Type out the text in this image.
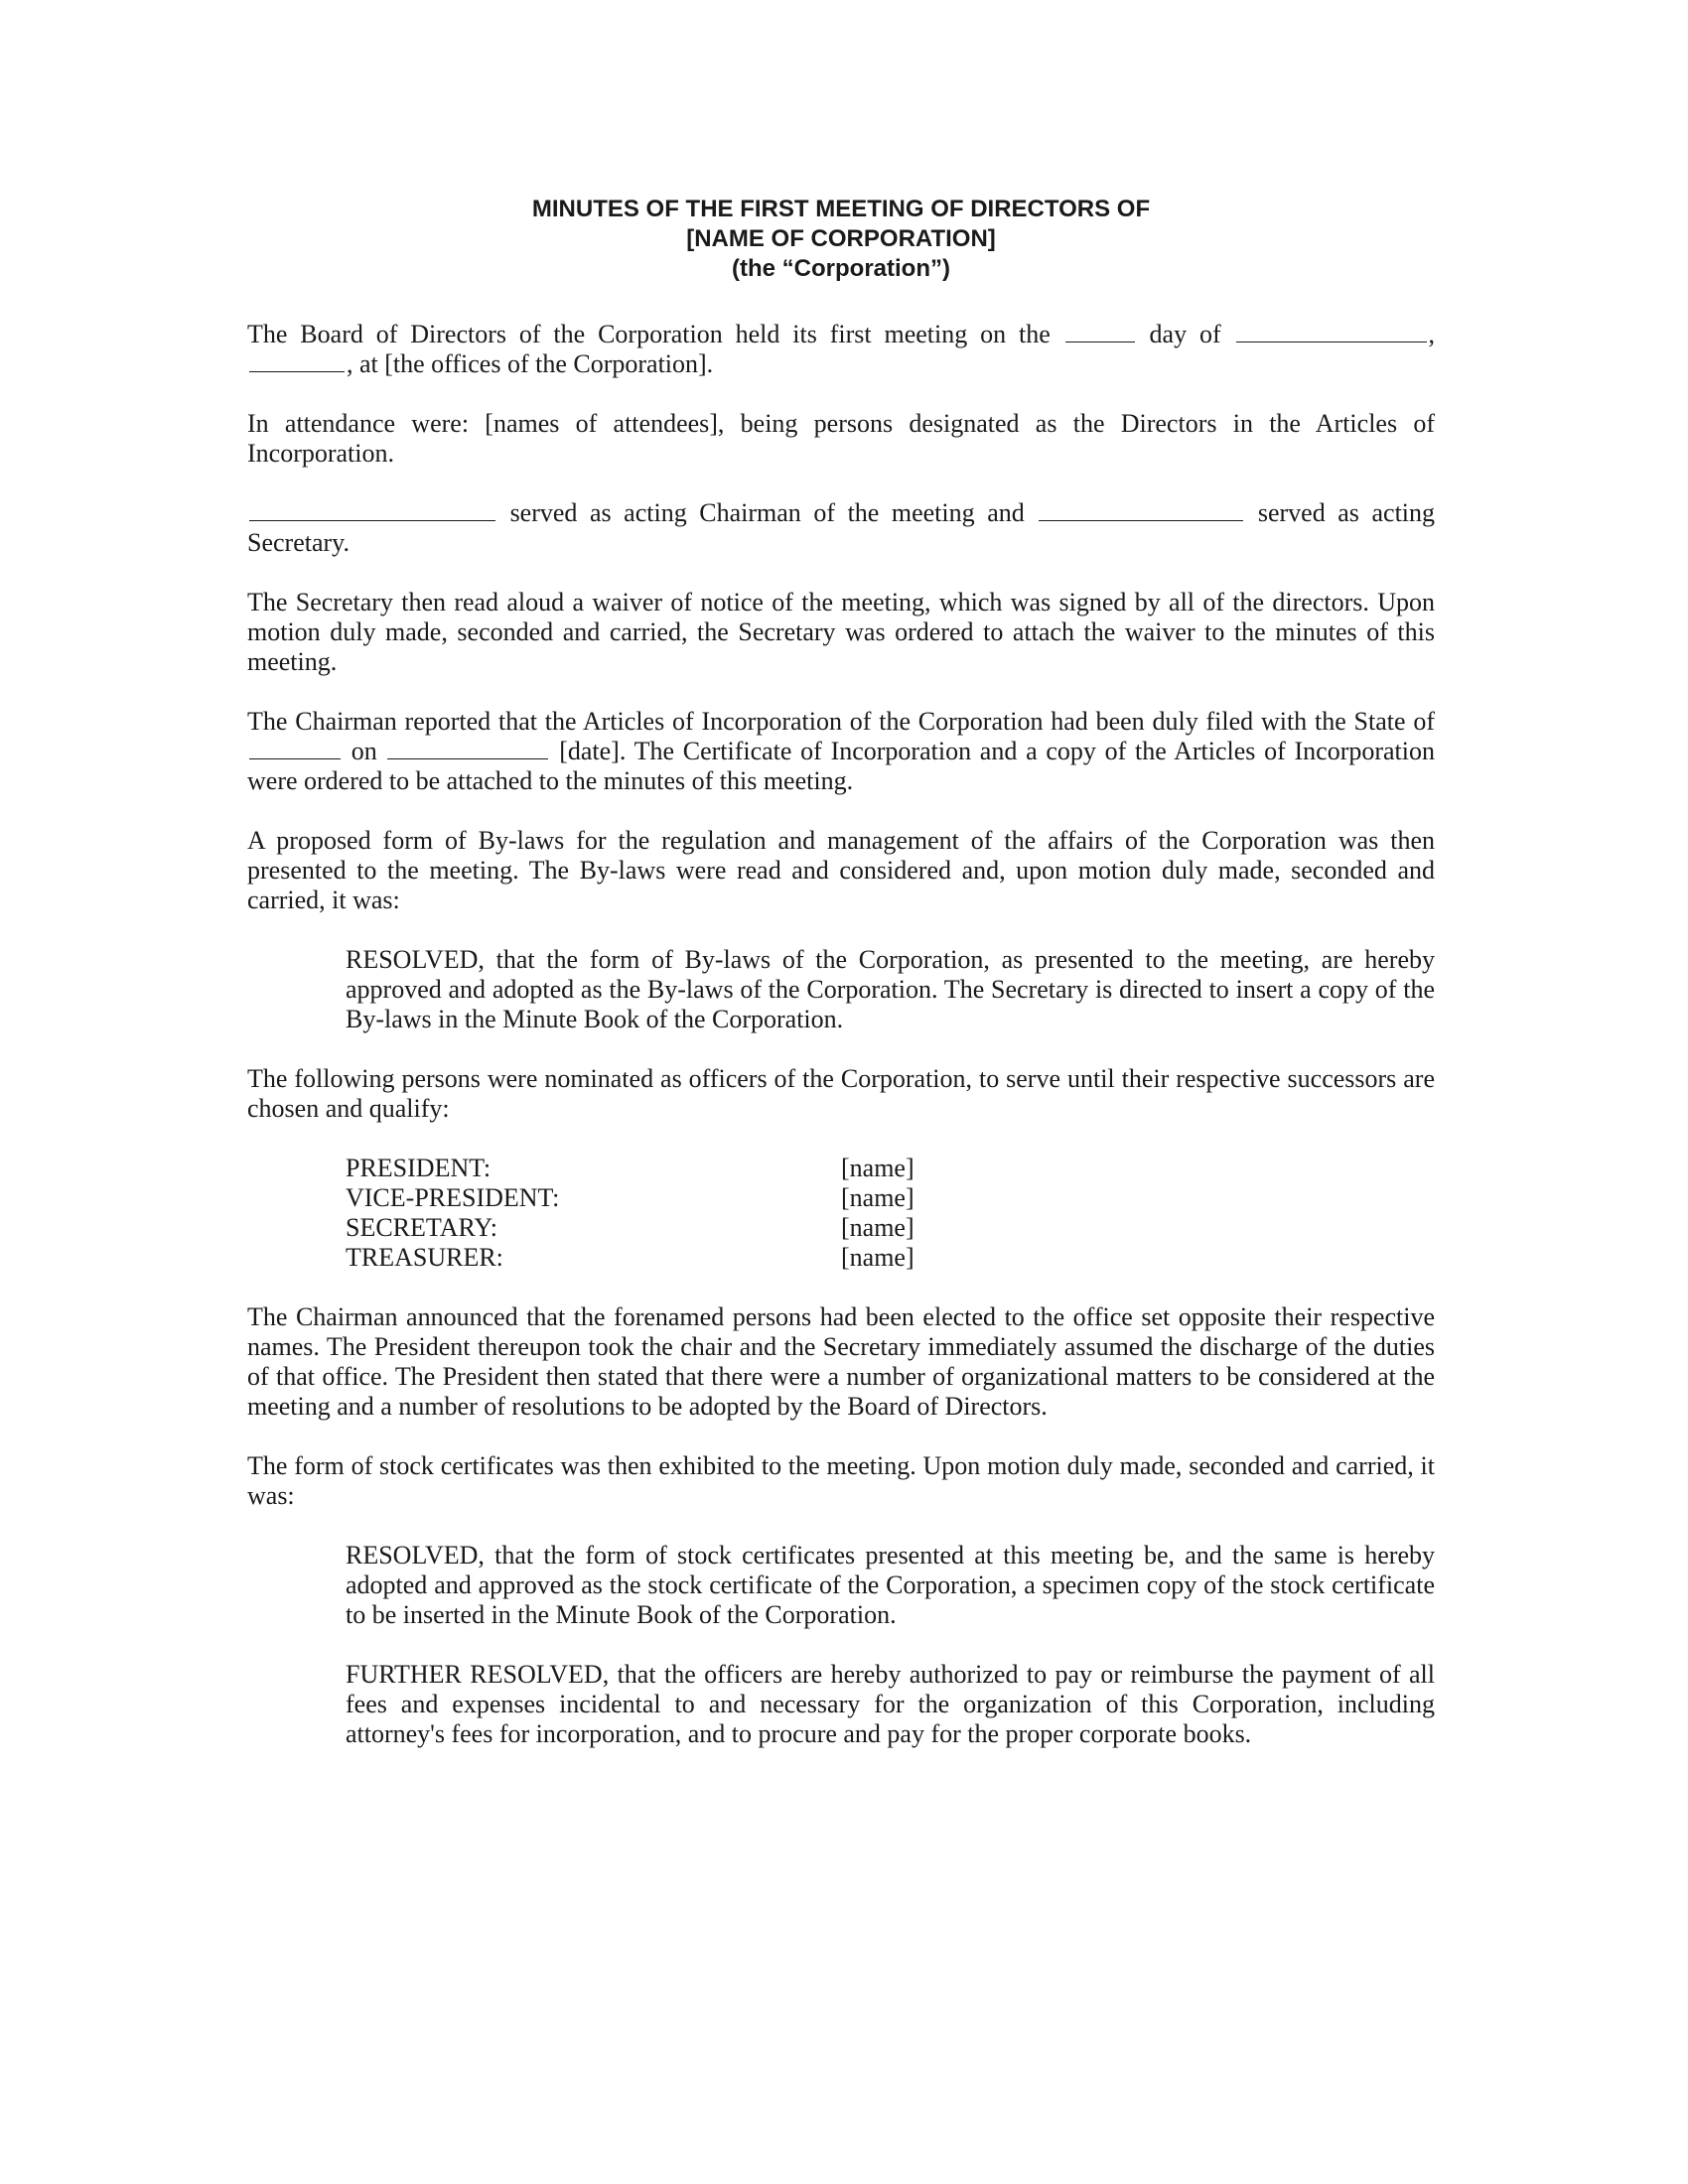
MINUTES OF THE FIRST MEETING OF DIRECTORS OF
[NAME OF CORPORATION]
(the “Corporation”)

The Board of Directors of the Corporation held its first meeting on the	day of	, , at [the offices of the Corporation].

In attendance were: [names of attendees], being persons designated as the Directors in the Articles of Incorporation.

served as acting Chairman of the meeting and	served as acting Secretary.

The Secretary then read aloud a waiver of notice of the meeting, which was signed by all of the directors. Upon motion duly made, seconded and carried, the Secretary was ordered to attach the waiver to the minutes of this meeting.

The Chairman reported that the Articles of Incorporation of the Corporation had been duly filed with the State of  on	[date]. The Certificate of Incorporation and a copy of the Articles of Incorporation were ordered to be attached to the minutes of this meeting.

A proposed form of By-laws for the regulation and management of the affairs of the Corporation was then presented to the meeting. The By-laws were read and considered and, upon motion duly made, seconded and carried, it was:

RESOLVED, that the form of By-laws of the Corporation, as presented to the meeting, are hereby approved and adopted as the By-laws of the Corporation. The Secretary is directed to insert a copy of the By-laws in the Minute Book of the Corporation.

The following persons were nominated as officers of the Corporation, to serve until their respective successors are chosen and qualify:

PRESIDENT:	[name]
VICE-PRESIDENT:	[name]
SECRETARY:	[name]
TREASURER:	[name]

The Chairman announced that the forenamed persons had been elected to the office set opposite their respective names. The President thereupon took the chair and the Secretary immediately assumed the discharge of the duties of that office. The President then stated that there were a number of organizational matters to be considered at the meeting and a number of resolutions to be adopted by the Board of Directors.

The form of stock certificates was then exhibited to the meeting. Upon motion duly made, seconded and carried, it was:

RESOLVED, that the form of stock certificates presented at this meeting be, and the same is hereby adopted and approved as the stock certificate of the Corporation, a specimen copy of the stock certificate to be inserted in the Minute Book of the Corporation.

FURTHER RESOLVED, that the officers are hereby authorized to pay or reimburse the payment of all fees and expenses incidental to and necessary for the organization of this Corporation, including attorney's fees for incorporation, and to procure and pay for the proper corporate books.
